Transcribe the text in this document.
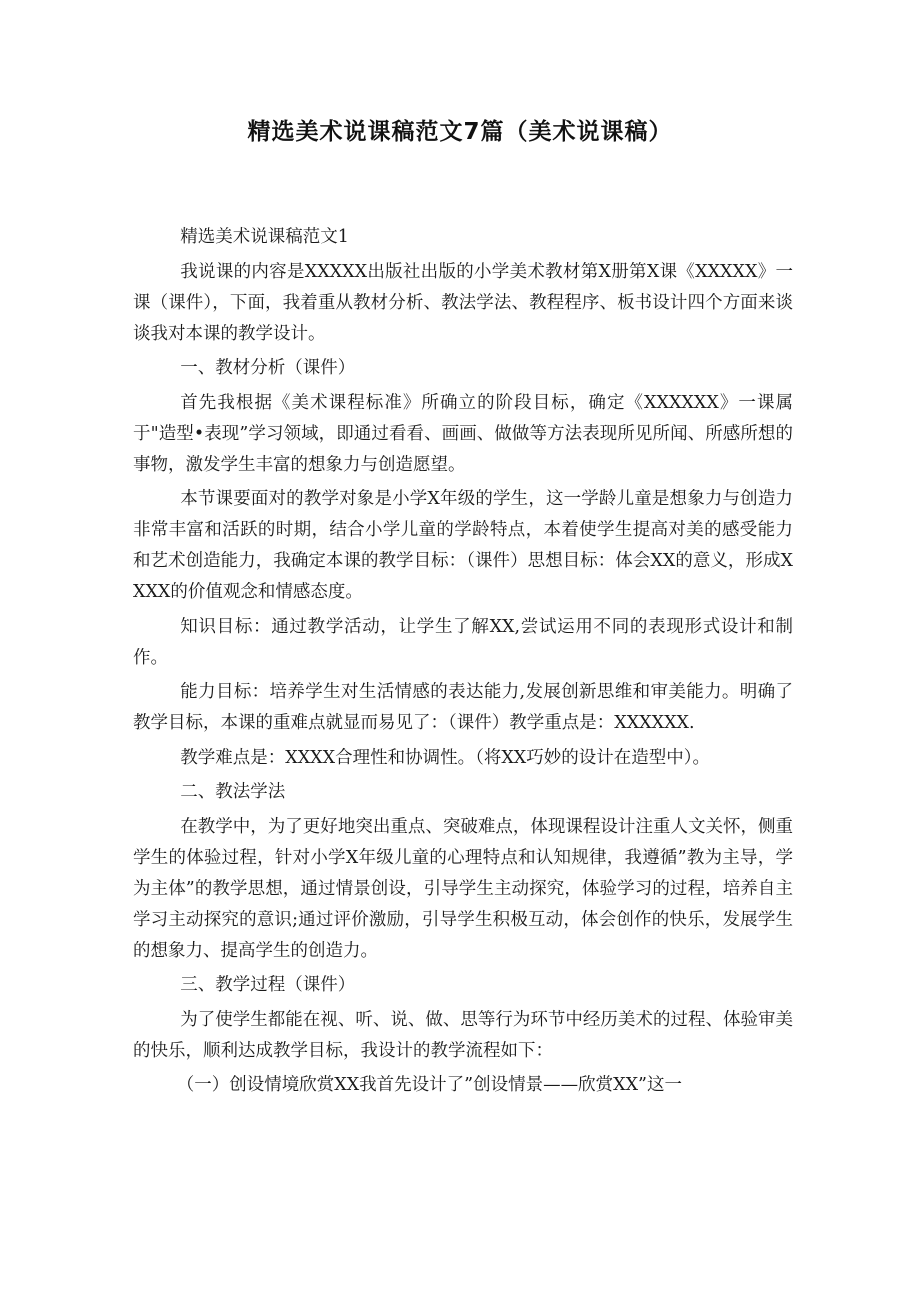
精选美术说课稿范文7篇（美术说课稿）

精选美术说课稿范文1

我说课的内容是XXXXX出版社出版的小学美术教材第X册第X课《XXXXX》一课（课件），下面，我着重从教材分析、教法学法、教程程序、板书设计四个方面来谈谈我对本课的教学设计。

一、教材分析（课件）

首先我根据《美术课程标准》所确立的阶段目标，确定《XXXXXX》一课属于"造型•表现”学习领域，即通过看看、画画、做做等方法表现所见所闻、所感所想的事物，激发学生丰富的想象力与创造愿望。

本节课要面对的教学对象是小学X年级的学生，这一学龄儿童是想象力与创造力非常丰富和活跃的时期，结合小学儿童的学龄特点，本着使学生提高对美的感受能力和艺术创造能力，我确定本课的教学目标：（课件）思想目标：体会XX的意义，形成XXXX的价值观念和情感态度。

知识目标：通过教学活动，让学生了解XX,尝试运用不同的表现形式设计和制作。

能力目标：培养学生对生活情感的表达能力,发展创新思维和审美能力。明确了教学目标，本课的重难点就显而易见了：（课件）教学重点是：XXXXXX.

教学难点是：XXXX合理性和协调性。（将XX巧妙的设计在造型中）。

二、教法学法

在教学中，为了更好地突出重点、突破难点，体现课程设计注重人文关怀，侧重学生的体验过程，针对小学X年级儿童的心理特点和认知规律，我遵循”教为主导，学为主体”的教学思想，通过情景创设，引导学生主动探究，体验学习的过程，培养自主学习主动探究的意识;通过评价激励，引导学生积极互动，体会创作的快乐，发展学生的想象力、提高学生的创造力。

三、教学过程（课件）

为了使学生都能在视、听、说、做、思等行为环节中经历美术的过程、体验审美的快乐，顺利达成教学目标，我设计的教学流程如下：

（一）创设情境欣赏XX我首先设计了”创设情景——欣赏XX”这一
